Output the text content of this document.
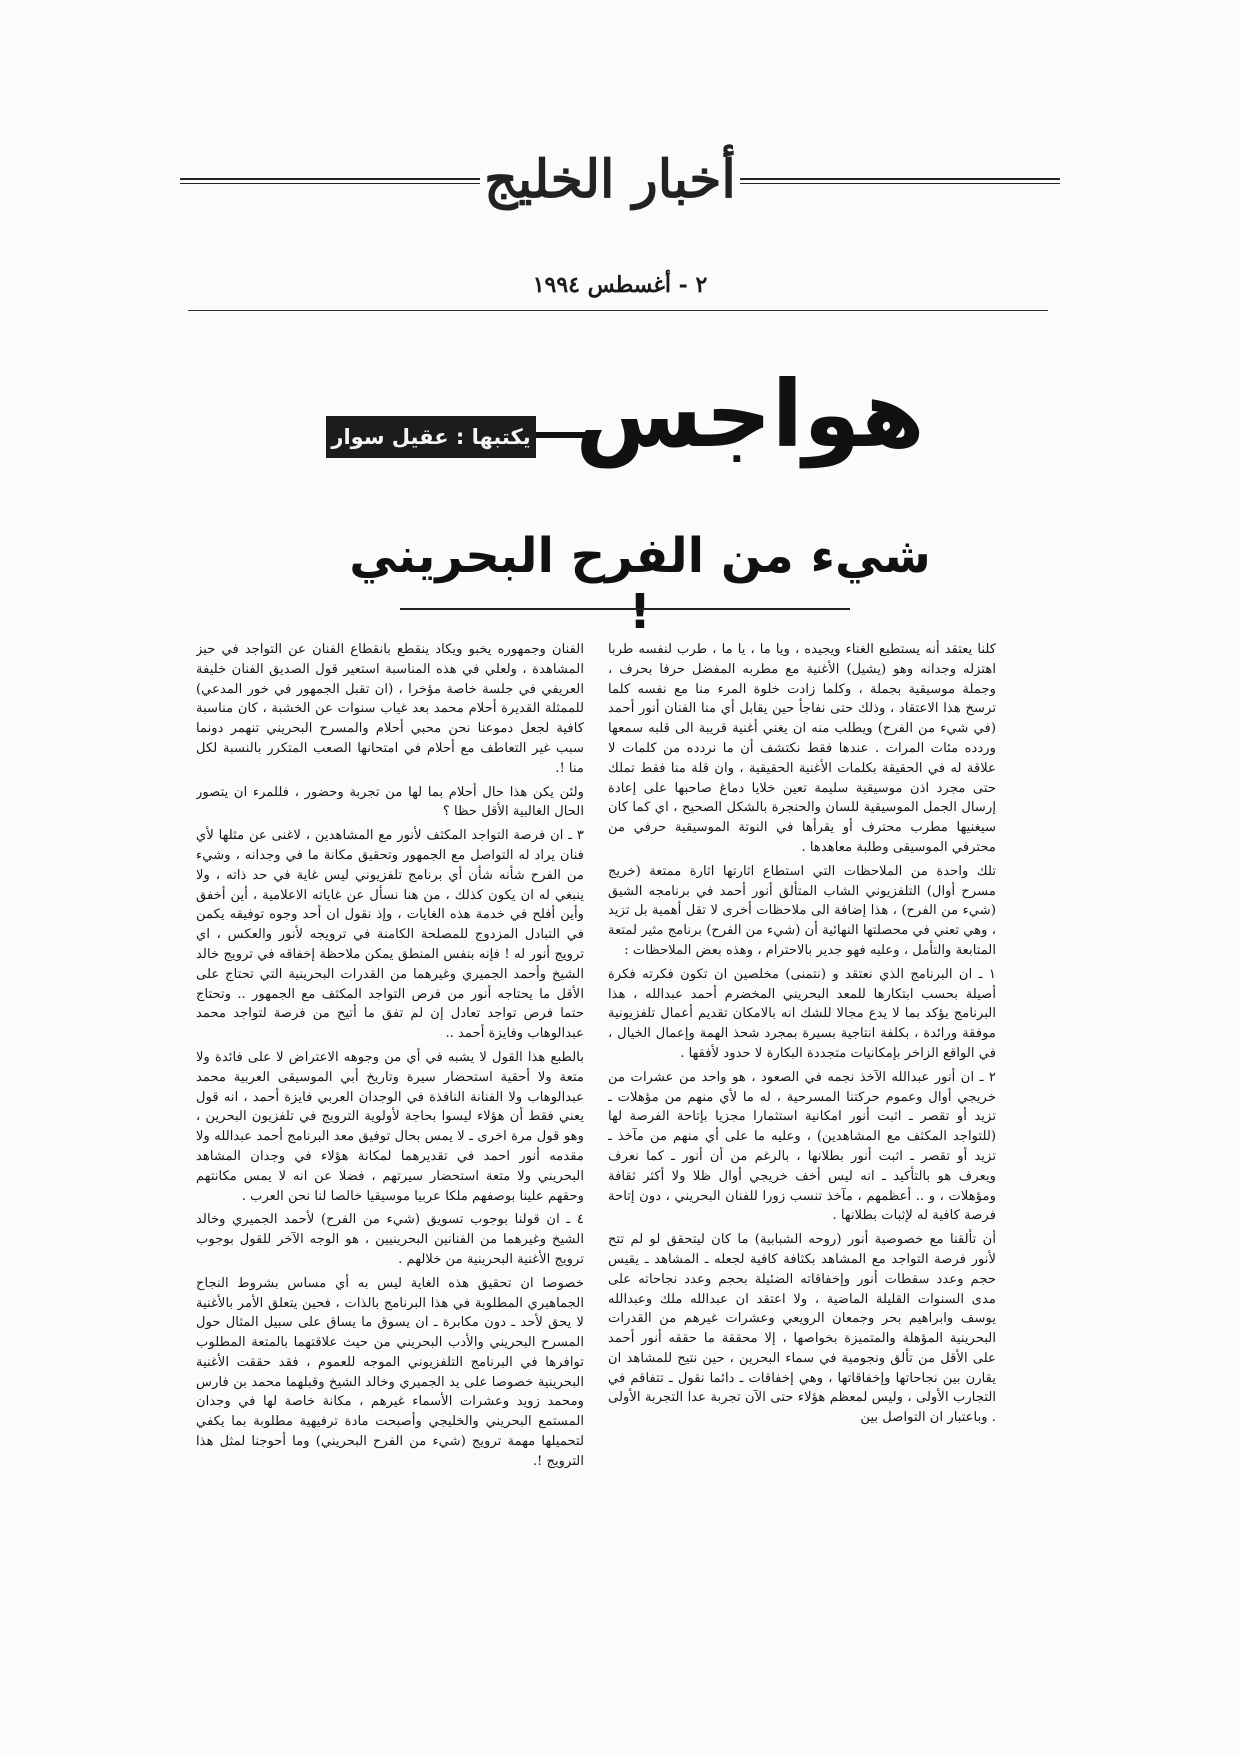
أخبار الخليج
٢ - أغسطس ١٩٩٤
هواجس
يكتبها : عقيل سوار
شيء من الفرح البحريني !

كلنا يعتقد أنه يستطيع الغناء ويجيده ، ويا ما ، يا ما ، طرب لنفسه طربا اهتزله وجدانه وهو (يشيل) الأغنية مع مطربه المفضل حرفا بحرف ، وجملة موسيقية بجملة ، وكلما زادت خلوة المرء منا مع نفسه كلما ترسخ هذا الاعتقاد ، وذلك حتى نفاجأ حين يقابل أي منا الفنان أنور أحمد (في شيء من الفرح) ويطلب منه ان يغني أغنية قريبة الى قلبه سمعها وردده مئات المرات . عندها فقط نكتشف أن ما نردده من كلمات لا علاقة له في الحقيقة بكلمات الأغنية الحقيقية ، وان قلة منا فقط تملك حتى مجرد اذن موسيقية سليمة تعين خلايا دماغ صاحبها على إعادة إرسال الجمل الموسيقية للسان والحنجرة بالشكل الصحيح ، اي كما كان سيغنيها مطرب محترف أو يقرأها في النوتة الموسيقية حرفي من محترفي الموسيقى وطلبة معاهدها .

تلك واحدة من الملاحظات التي استطاع اثارتها اثارة ممتعة (خريج مسرح أوال) التلفزيوني الشاب المتألق أنور أحمد في برنامجه الشيق (شيء من الفرح) ، هذا إضافة الى ملاحظات أخرى لا تقل أهمية بل تزيد ، وهي تعني في محصلتها النهائية أن (شيء من الفرح) برنامج مثير لمتعة المتابعة والتأمل ، وعليه فهو جدير بالاحترام ، وهذه بعض الملاحظات :

١ ـ ان البرنامج الذي نعتقد و (نتمنى) مخلصين ان تكون فكرته فكرة أصيلة بحسب ابتكارها للمعد البحريني المخضرم أحمد عبدالله ، هذا البرنامج يؤكد بما لا يدع مجالا للشك انه بالامكان تقديم أعمال تلفزيونية موفقة ورائدة ، بكلفة انتاجية بسيرة بمجرد شحذ الهمة وإعمال الخيال ، في الواقع الزاخر بإمكانيات متجددة البكارة لا حدود لأفقها .

٢ ـ ان أنور عبدالله الآخذ نجمه في الصعود ، هو واحد من عشرات من خريجي أوال وعموم حركتنا المسرحية ، له ما لأي منهم من مؤهلات ـ تزيد أو تقصر ـ اثبت أنور امكانية استثمارا مجزيا بإتاحة الفرصة لها (للتواجد المكثف مع المشاهدين) ، وعليه ما على أي منهم من مآخذ ـ تزيد أو تقصر ـ اثبت أنور بطلانها ، بالرغم من أن أنور ـ كما نعرف ويعرف هو بالتأكيد ـ انه ليس أخف خريجي أوال ظلا ولا أكثر ثقافة ومؤهلات ، و .. أعظمهم ، مآخذ تنسب زورا للفنان البحريني ، دون إتاحة فرصة كافية له لإثبات بطلانها .

أن تألقنا مع خصوصية أنور (روحه الشبابية) ما كان ليتحقق لو لم تتح لأنور فرصة التواجد مع المشاهد بكثافة كافية لجعله ـ المشاهد ـ يقيس حجم وعدد سقطات أنور وإخفاقاته الضئيلة بحجم وعدد نجاحاته على مدى السنوات القليلة الماضية ، ولا اعتقد ان عبدالله ملك وعبدالله يوسف وابراهيم بحر وجمعان الرويعي وعشرات غيرهم من القدرات البحرينية المؤهلة والمتميزة بخواصها ، إلا محققة ما حققه أنور أحمد على الأقل من تألق ونجومية في سماء البحرين ، حين نتيح للمشاهد ان يقارن بين نجاحاتها وإخفاقاتها ، وهي إخفاقات ـ دائما نقول ـ تتفاقم في التجارب الأولى ، وليس لمعظم هؤلاء حتى الآن تجربة عدا التجربة الأولى . وباعتبار ان التواصل بين

الفنان وجمهوره يخبو ويكاد ينقطع بانقطاع الفنان عن التواجد في حيز المشاهدة ، ولعلي في هذه المناسبة استعير قول الصديق الفنان خليفة العريفي في جلسة خاصة مؤخرا ، (ان تقبل الجمهور في خور المدعي) للممثلة القديرة أحلام محمد بعد غياب سنوات عن الخشبة ، كان مناسبة كافية لجعل دموعنا نحن محبي أحلام والمسرح البحريني تنهمر دونما سبب غير التعاطف مع أحلام في امتحانها الصعب المتكرر بالنسبة لكل منا !.

ولئن يكن هذا حال أحلام بما لها من تجربة وحضور ، فللمرء ان يتصور الحال الغالبية الأقل حظا ؟

٣ ـ ان فرصة التواجد المكثف لأنور مع المشاهدين ، لاغنى عن مثلها لأي فنان يراد له التواصل مع الجمهور وتحقيق مكانة ما في وجدانه ، وشيء من الفرح شأنه شأن أي برنامج تلفزيوني ليس غاية في حد ذاته ، ولا ينبغي له ان يكون كذلك ، من هنا نسأل عن غاياته الاعلامية ، أين أخفق وأين أفلح في خدمة هذه الغايات ، وإذ نقول ان أحد وجوه توفيقه يكمن في التبادل المزدوج للمصلحة الكامنة في ترويجه لأنور والعكس ، اي ترويج أنور له ! فإنه بنفس المنطق يمكن ملاحظة إخفاقه في ترويج خالد الشيخ وأحمد الجميري وغيرهما من القدرات البحرينية التي تحتاج على الأقل ما يحتاجه أنور من فرص التواجد المكثف مع الجمهور .. وتحتاج حتما فرص تواجد تعادل إن لم تفق ما أتيح من فرصة لتواجد محمد عبدالوهاب وفايزة أحمد ..

بالطبع هذا القول لا يشبه في أي من وجوهه الاعتراض لا على فائدة ولا متعة ولا أحقية استحضار سيرة وتاريخ أبي الموسيقى العربية محمد عبدالوهاب ولا الفنانة النافذة في الوجدان العربي فايزة أحمد ، انه قول يعني فقط أن هؤلاء ليسوا بحاجة لأولوية الترويج في تلفزيون البحرين ، وهو قول مرة اخرى ـ لا يمس بحال توفيق معد البرنامج أحمد عبدالله ولا مقدمه أنور احمد في تقديرهما لمكانة هؤلاء في وجدان المشاهد البحريني ولا متعة استحضار سيرتهم ، فضلا عن انه لا يمس مكانتهم وحقهم علينا بوصفهم ملكا عربيا موسيقيا خالصا لنا نحن العرب .

٤ ـ ان قولنا بوجوب تسويق (شيء من الفرح) لأحمد الجميري وخالد الشيخ وغيرهما من الفنانين البحرينيين ، هو الوجه الآخر للقول بوجوب ترويج الأغنية البحرينية من خلالهم .

خصوصا ان تحقيق هذه الغاية ليس به أي مساس بشروط النجاح الجماهيري المطلوبة في هذا البرنامج بالذات ، فحين يتعلق الأمر بالأغنية لا يحق لأحد ـ دون مكابرة ـ ان يسوق ما يساق على سبيل المثال حول المسرح البحريني والأدب البحريني من حيث علاقتهما بالمتعة المطلوب توافرها في البرنامج التلفزيوني الموجه للعموم ، فقد حققت الأغنية البحرينية خصوصا على يد الجميري وخالد الشيخ وقبلهما محمد بن فارس ومحمد زويد وعشرات الأسماء غيرهم ، مكانة خاصة لها في وجدان المستمع البحريني والخليجي وأصبحت مادة ترفيهية مطلوبة بما يكفي لتحميلها مهمة ترويج (شيء من الفرح البحريني) وما أحوجنا لمثل هذا الترويج !.
